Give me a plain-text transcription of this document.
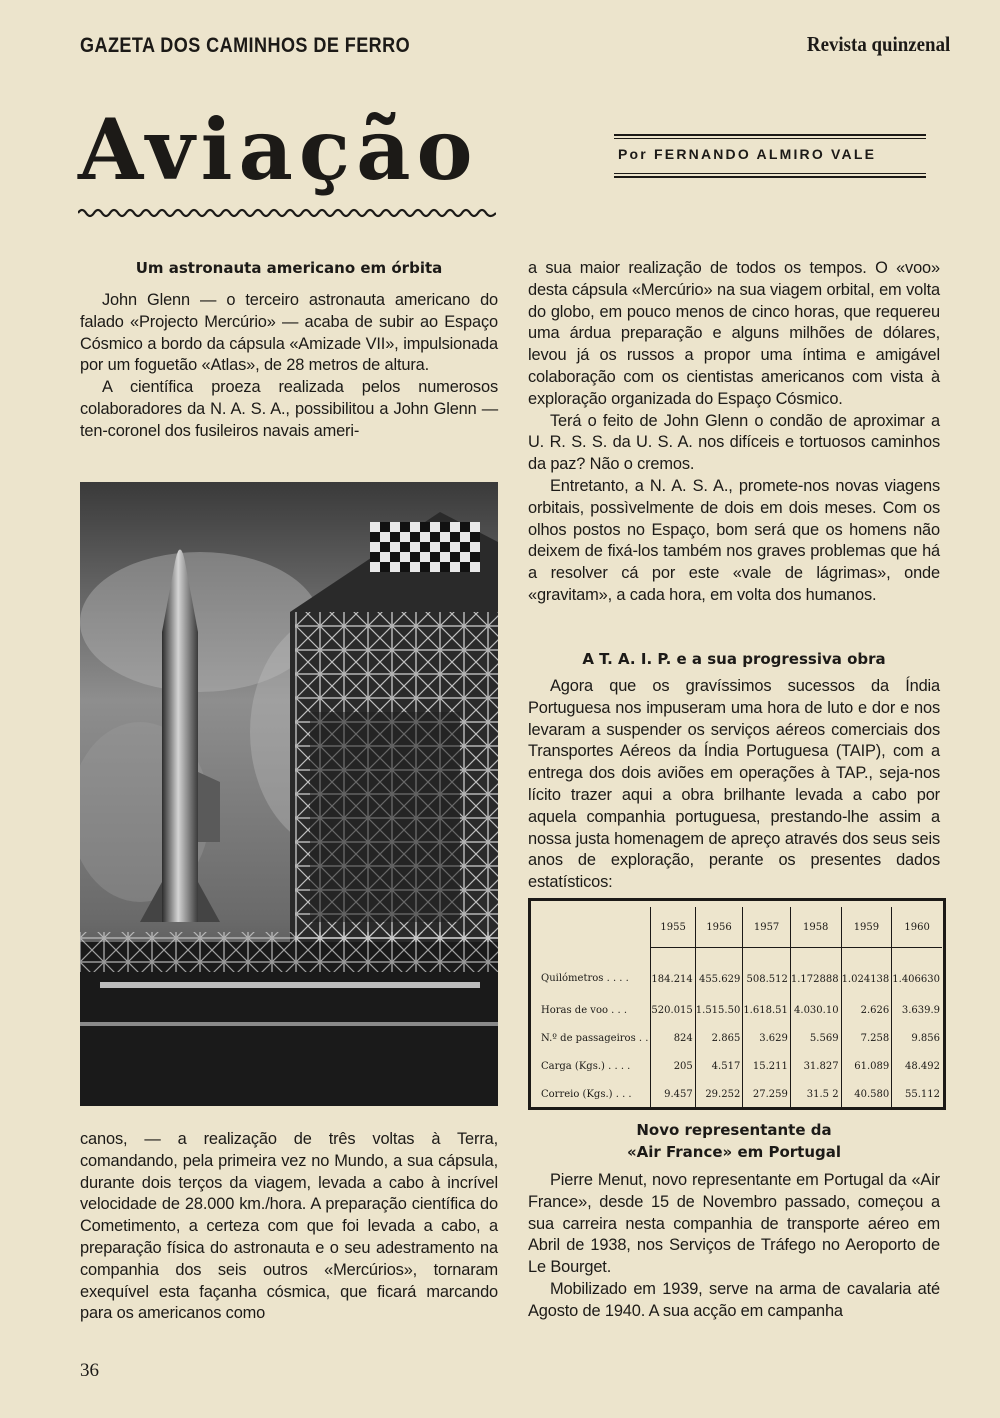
GAZETA DOS CAMINHOS DE FERRO	Revista quinzenal
Aviação	Por FERNANDO ALMIRO VALE
Um astronauta americano em órbita

John Glenn — o terceiro astronauta americano do falado «Projecto Mercúrio» — acaba de subir ao Espaço Cósmico a bordo da cápsula «Amizade VII», impulsionada por um foguetão «Atlas», de 28 metros de altura.

A científica proeza realizada pelos numerosos colaboradores da N. A. S. A., possibilitou a John Glenn — ten-coronel dos fusileiros navais ameri-

canos, — a realização de três voltas à Terra, comandando, pela primeira vez no Mundo, a sua cápsula, durante dois terços da viagem, levada a cabo à incrível velocidade de 28.000 km./hora. A preparação científica do Cometimento, a certeza com que foi levada a cabo, a preparação física do astronauta e o seu adestramento na companhia dos seis outros «Mercúrios», tornaram exequível esta façanha cósmica, que ficará marcando para os americanos como

a sua maior realização de todos os tempos. O «voo» desta cápsula «Mercúrio» na sua viagem orbital, em volta do globo, em pouco menos de cinco horas, que requereu uma árdua preparação e alguns milhões de dólares, levou já os russos a propor uma íntima e amigável colaboração com os cientistas americanos com vista à exploração organizada do Espaço Cósmico.

Terá o feito de John Glenn o condão de aproximar a U. R. S. S. da U. S. A. nos difíceis e tortuosos caminhos da paz? Não o cremos.

Entretanto, a N. A. S. A., promete-nos novas viagens orbitais, possìvelmente de dois em dois meses. Com os olhos postos no Espaço, bom será que os homens não deixem de fixá-los também nos graves problemas que há a resolver cá por este «vale de lágrimas», onde «gravitam», a cada hora, em volta dos humanos.

A T. A. I. P. e a sua progressiva obra

Agora que os gravíssimos sucessos da Índia Portuguesa nos impuseram uma hora de luto e dor e nos levaram a suspender os serviços aéreos comerciais dos Transportes Aéreos da Índia Portuguesa (TAIP), com a entrega dos dois aviões em operações à TAP., seja-nos lícito trazer aqui a obra brilhante levada a cabo por aquela companhia portuguesa, prestando-lhe assim a nossa justa homenagem de apreço através dos seus seis anos de exploração, perante os presentes dados estatísticos:

	1955	1956	1957	1958	1959	1960
Quilómetros . . . .	184.214	455.629	508.512	1.172888	1.024138	1.406630
Horas de voo . . .	520.015	1.515.50	1.618.51	4.030.10	2.626	3.639.9
N.º de passageiros . .	824	2.865	3.629	5.569	7.258	9.856
Carga (Kgs.) . . . .	205	4.517	15.211	31.827	61.089	48.492
Correio (Kgs.) . . .	9.457	29.252	27.259	31.5 2	40.580	55.112
Novo representante da
«Air France» em Portugal

Pierre Menut, novo representante em Portugal da «Air France», desde 15 de Novembro passado, começou a sua carreira nesta companhia de transporte aéreo em Abril de 1938, nos Serviços de Tráfego no Aeroporto de Le Bourget.

Mobilizado em 1939, serve na arma de cavalaria até Agosto de 1940. A sua acção em campanha

36
